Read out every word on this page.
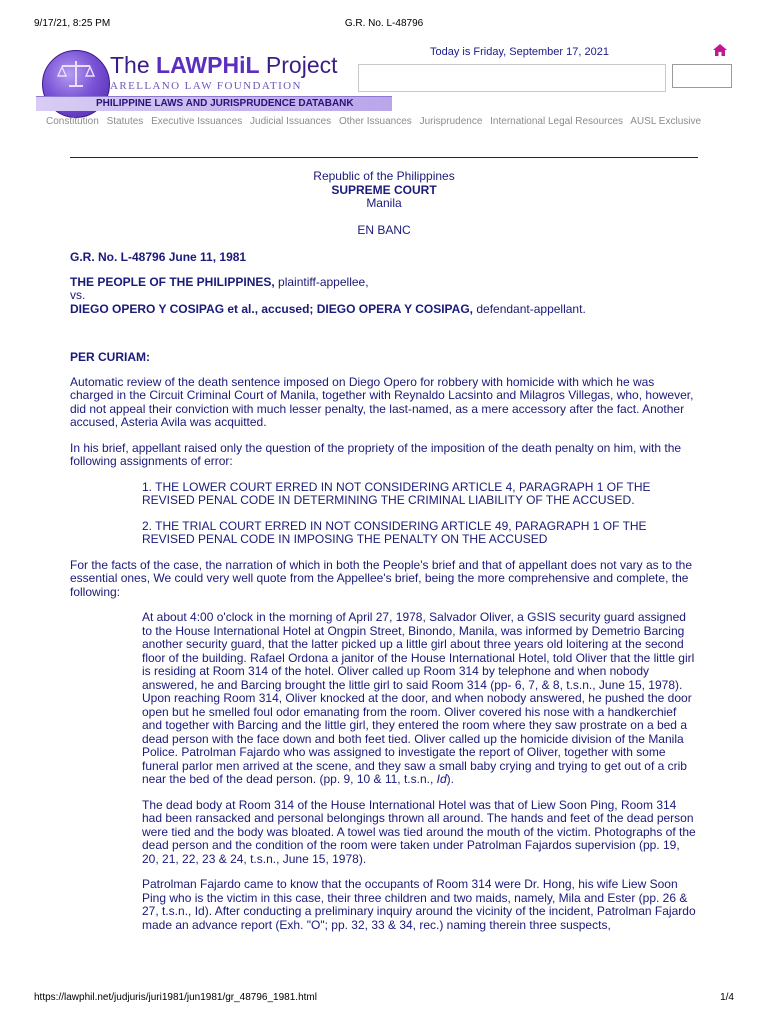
9/17/21, 8:25 PM	G.R. No. L-48796
The LAWPHiL Project
ARELLANO LAW FOUNDATION
PHILIPPINE LAWS AND JURISPRUDENCE DATABANK
Today is Friday, September 17, 2021
Constitution Statutes Executive Issuances Judicial Issuances Other Issuances Jurisprudence International Legal Resources AUSL Exclusive

Republic of the Philippines

SUPREME COURT

Manila

EN BANC

G.R. No. L-48796 June 11, 1981

THE PEOPLE OF THE PHILIPPINES, plaintiff-appellee,

vs.

DIEGO OPERO Y COSIPAG et al., accused; DIEGO OPERA Y COSIPAG, defendant-appellant.

PER CURIAM:

Automatic review of the death sentence imposed on Diego Opero for robbery with homicide with which he was charged in the Circuit Criminal Court of Manila, together with Reynaldo Lacsinto and Milagros Villegas, who, however, did not appeal their conviction with much lesser penalty, the last-named, as a mere accessory after the fact. Another accused, Asteria Avila was acquitted.

In his brief, appellant raised only the question of the propriety of the imposition of the death penalty on him, with the following assignments of error:

1. THE LOWER COURT ERRED IN NOT CONSIDERING ARTICLE 4, PARAGRAPH 1 OF THE REVISED PENAL CODE IN DETERMINING THE CRIMINAL LIABILITY OF THE ACCUSED.

2. THE TRIAL COURT ERRED IN NOT CONSIDERING ARTICLE 49, PARAGRAPH 1 OF THE REVISED PENAL CODE IN IMPOSING THE PENALTY ON THE ACCUSED

For the facts of the case, the narration of which in both the People's brief and that of appellant does not vary as to the essential ones, We could very well quote from the Appellee's brief, being the more comprehensive and complete, the following:

At about 4:00 o'clock in the morning of April 27, 1978, Salvador Oliver, a GSIS security guard assigned to the House International Hotel at Ongpin Street, Binondo, Manila, was informed by Demetrio Barcing another security guard, that the latter picked up a little girl about three years old loitering at the second floor of the building. Rafael Ordona a janitor of the House International Hotel, told Oliver that the little girl is residing at Room 314 of the hotel. Oliver called up Room 314 by telephone and when nobody answered, he and Barcing brought the little girl to said Room 314 (pp- 6, 7, & 8, t.s.n., June 15, 1978). Upon reaching Room 314, Oliver knocked at the door, and when nobody answered, he pushed the door open but he smelled foul odor emanating from the room. Oliver covered his nose with a handkerchief and together with Barcing and the little girl, they entered the room where they saw prostrate on a bed a dead person with the face down and both feet tied. Oliver called up the homicide division of the Manila Police. Patrolman Fajardo who was assigned to investigate the report of Oliver, together with some funeral parlor men arrived at the scene, and they saw a small baby crying and trying to get out of a crib near the bed of the dead person. (pp. 9, 10 & 11, t.s.n., Id).

The dead body at Room 314 of the House International Hotel was that of Liew Soon Ping, Room 314 had been ransacked and personal belongings thrown all around. The hands and feet of the dead person were tied and the body was bloated. A towel was tied around the mouth of the victim. Photographs of the dead person and the condition of the room were taken under Patrolman Fajardos supervision (pp. 19, 20, 21, 22, 23 & 24, t.s.n., June 15, 1978).

Patrolman Fajardo came to know that the occupants of Room 314 were Dr. Hong, his wife Liew Soon Ping who is the victim in this case, their three children and two maids, namely, Mila and Ester (pp. 26 & 27, t.s.n., Id). After conducting a preliminary inquiry around the vicinity of the incident, Patrolman Fajardo made an advance report (Exh. "O"; pp. 32, 33 & 34, rec.) naming therein three suspects,

https://lawphil.net/judjuris/juri1981/jun1981/gr_48796_1981.html	1/4
